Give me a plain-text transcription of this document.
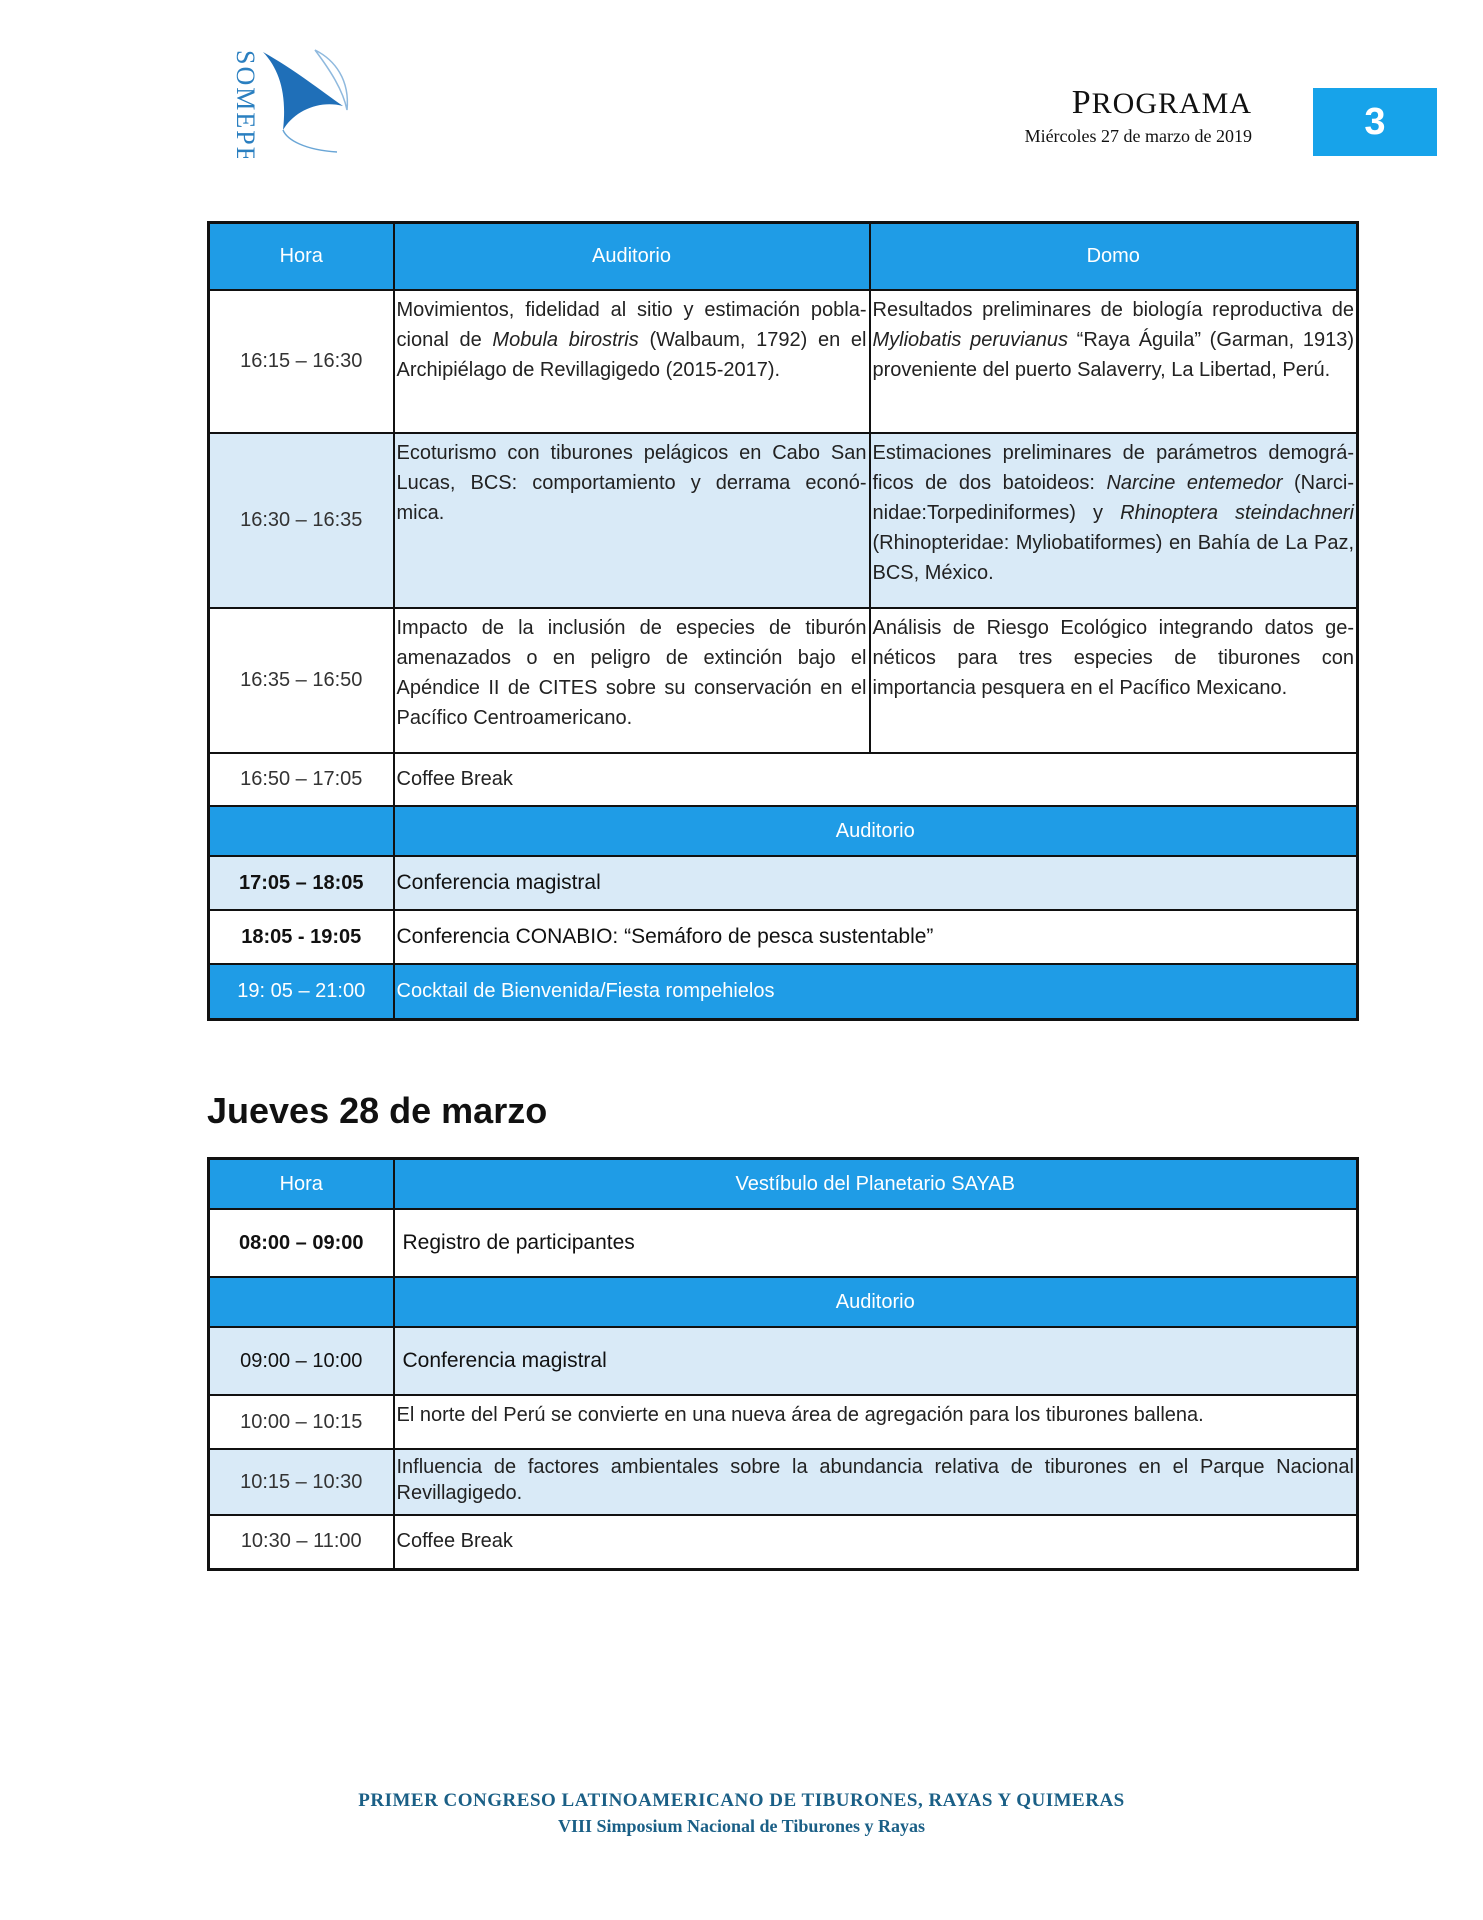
SOMEPEC	PROGRAMA
Miércoles 27 de marzo de 2019	3
Hora	Auditorio	Domo
16:15 – 16:30	Movimientos, fidelidad al sitio y estimación pobla-cional de Mobula birostris (Walbaum, 1792) en el Archipiélago de Revillagigedo (2015-2017).	Resultados preliminares de biología reproductiva de Myliobatis peruvianus “Raya Águila” (Garman, 1913) proveniente del puerto Salaverry, La Libertad, Perú.
16:30 – 16:35	Ecoturismo con tiburones pelágicos en Cabo San Lucas, BCS: comportamiento y derrama econó-mica.	Estimaciones preliminares de parámetros demográ-ficos de dos batoideos: Narcine entemedor (Narci-nidae:Torpediniformes) y Rhinoptera steindachneri (Rhinopteridae: Myliobatiformes) en Bahía de La Paz, BCS, México.
16:35 – 16:50	Impacto de la inclusión de especies de tiburón amenazados o en peligro de extinción bajo el Apéndice II de CITES sobre su conservación en el Pacífico Centroamericano.	Análisis de Riesgo Ecológico integrando datos ge-néticos para tres especies de tiburones con importancia pesquera en el Pacífico Mexicano.
16:50 – 17:05	Coffee Break	
	Auditorio	
17:05 – 18:05	Conferencia magistral	
18:05 - 19:05	Conferencia CONABIO: “Semáforo de pesca sustentable”	
19: 05 – 21:00	Cocktail de Bienvenida/Fiesta rompehielos	
Jueves 28 de marzo
Hora	Vestíbulo del Planetario SAYAB
08:00 – 09:00	Registro de participantes
	Auditorio
09:00 – 10:00	Conferencia magistral
10:00 – 10:15	El norte del Perú se convierte en una nueva área de agregación para los tiburones ballena.
10:15 – 10:30	Influencia de factores ambientales sobre la abundancia relativa de tiburones en el Parque Nacional Revillagigedo.
10:30 – 11:00	Coffee Break
PRIMER CONGRESO LATINOAMERICANO DE TIBURONES, RAYAS Y QUIMERAS
VIII Simposium Nacional de Tiburones y Rayas
